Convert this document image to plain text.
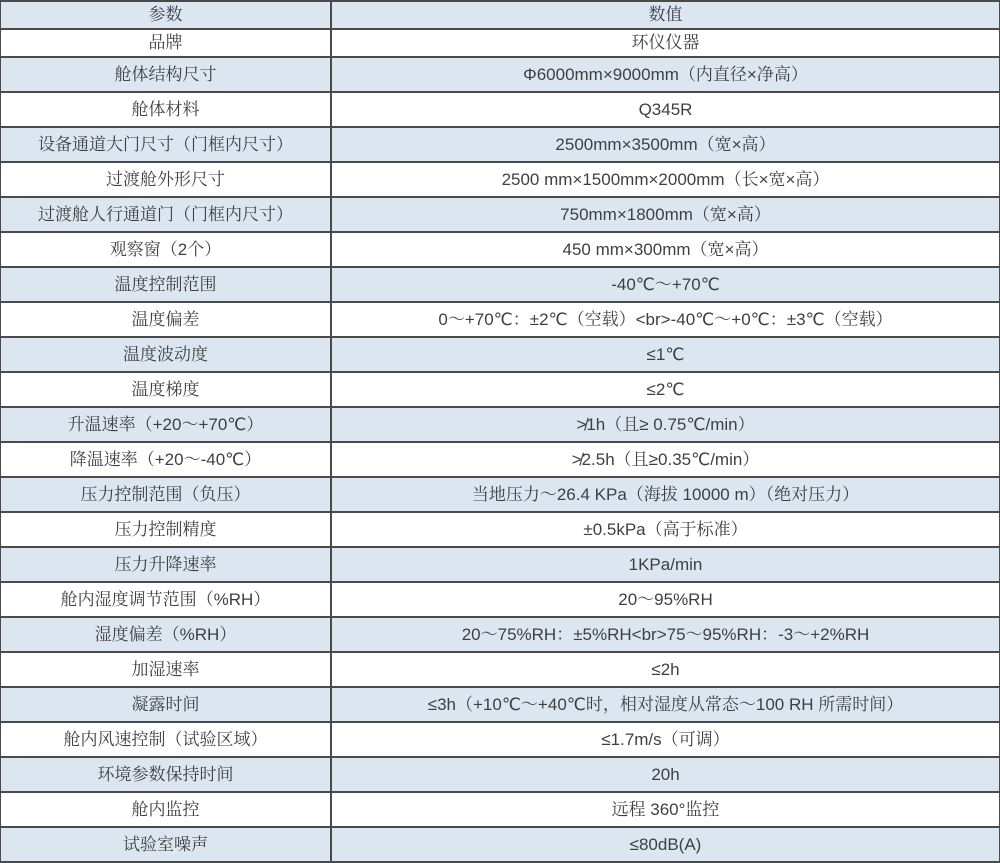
参数	数值
品牌	环仪仪器
舱体结构尺寸	Φ6000mm×9000mm（内直径×净高）
舱体材料	Q345R
设备通道大门尺寸（门框内尺寸）	2500mm×3500mm（宽×高）
过渡舱外形尺寸	2500 mm×1500mm×2000mm（长×宽×高）
过渡舱人行通道门（门框内尺寸）	750mm×1800mm（宽×高）
观察窗（2个）	450 mm×300mm（宽×高）
温度控制范围	-40℃～+70℃
温度偏差	0～+70℃：±2℃（空载）<br>-40℃～+0℃：±3℃（空载）
温度波动度	≤1℃
温度梯度	≤2℃
升温速率（+20～+70℃）	≯1h（且≥ 0.75℃/min）
降温速率（+20～-40℃）	≯2.5h（且≥0.35℃/min）
压力控制范围（负压）	当地压力～26.4 KPa（海拔 10000 m）（绝对压力）
压力控制精度	±0.5kPa（高于标准）
压力升降速率	1KPa/min
舱内湿度调节范围（%RH）	20～95%RH
湿度偏差（%RH）	20～75%RH：±5%RH<br>75～95%RH：-3～+2%RH
加湿速率	≤2h
凝露时间	≤3h（+10℃～+40℃时，相对湿度从常态～100 RH 所需时间）
舱内风速控制（试验区域）	≤1.7m/s（可调）
环境参数保持时间	20h
舱内监控	远程 360°监控
试验室噪声	≤80dB(A)
